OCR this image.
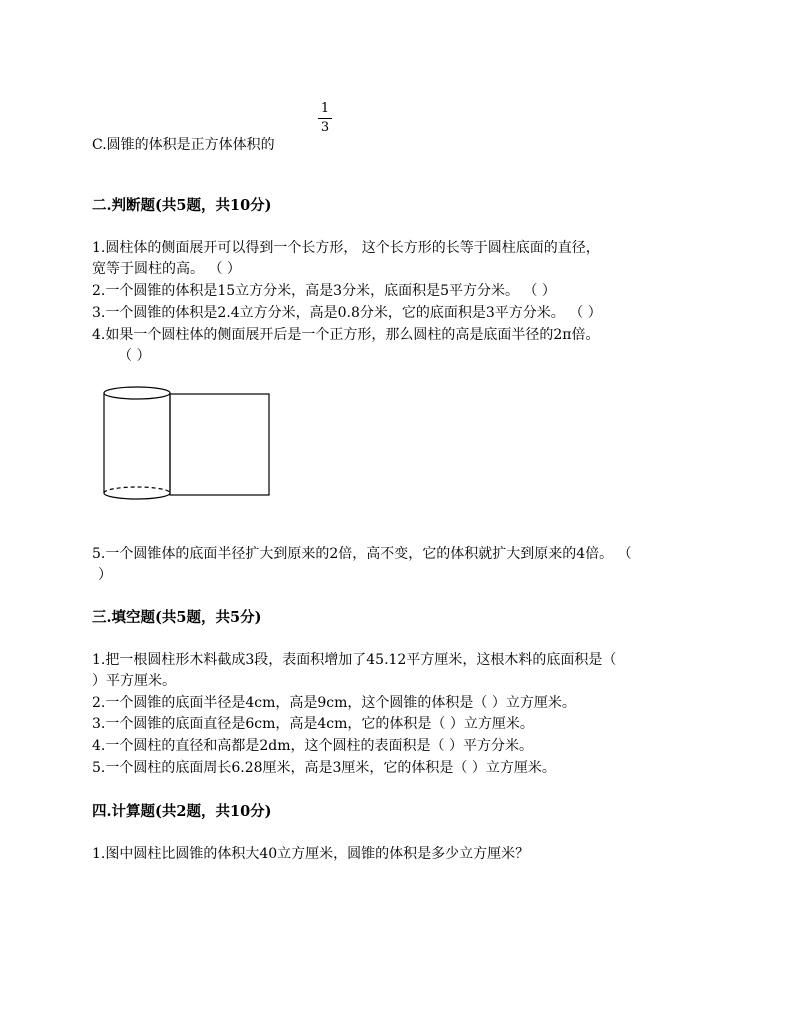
C.圆锥的体积是正方体体积的
1
3
二.判断题(共5题，共10分)
1.圆柱体的侧面展开可以得到一个长方形， 这个长方形的长等于圆柱底面的直径，
宽等于圆柱的高。 （ ）
2.一个圆锥的体积是15立方分米，高是3分米，底面积是5平方分米。 （ ）
3.一个圆锥的体积是2.4立方分米，高是0.8分米，它的底面积是3平方分米。 （ ）
4.如果一个圆柱体的侧面展开后是一个正方形，那么圆柱的高是底面半径的2π倍。
（ ）
5.一个圆锥体的底面半径扩大到原来的2倍，高不变，它的体积就扩大到原来的4倍。 （
）
三.填空题(共5题，共5分)
1.把一根圆柱形木料截成3段，表面积增加了45.12平方厘米，这根木料的底面积是（
）平方厘米。
2.一个圆锥的底面半径是4cm，高是9cm，这个圆锥的体积是（ ）立方厘米。
3.一个圆锥的底面直径是6cm，高是4cm，它的体积是（ ）立方厘米。
4.一个圆柱的直径和高都是2dm，这个圆柱的表面积是（ ）平方分米。
5.一个圆柱的底面周长6.28厘米，高是3厘米，它的体积是（ ）立方厘米。
四.计算题(共2题，共10分)
1.图中圆柱比圆锥的体积大40立方厘米，圆锥的体积是多少立方厘米？
